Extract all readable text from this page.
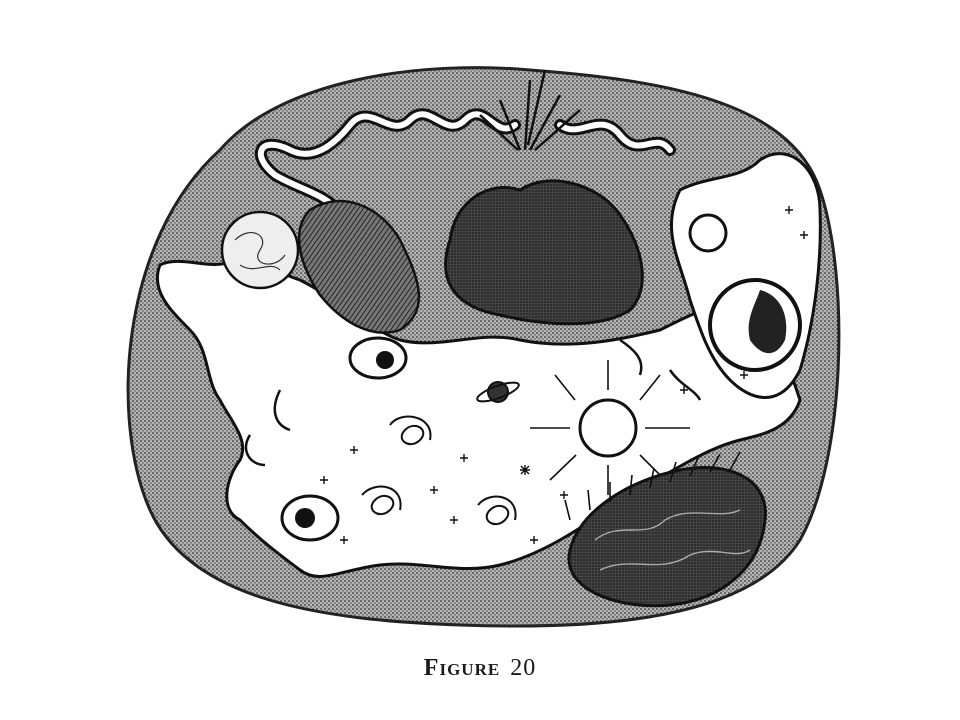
Figure 20
